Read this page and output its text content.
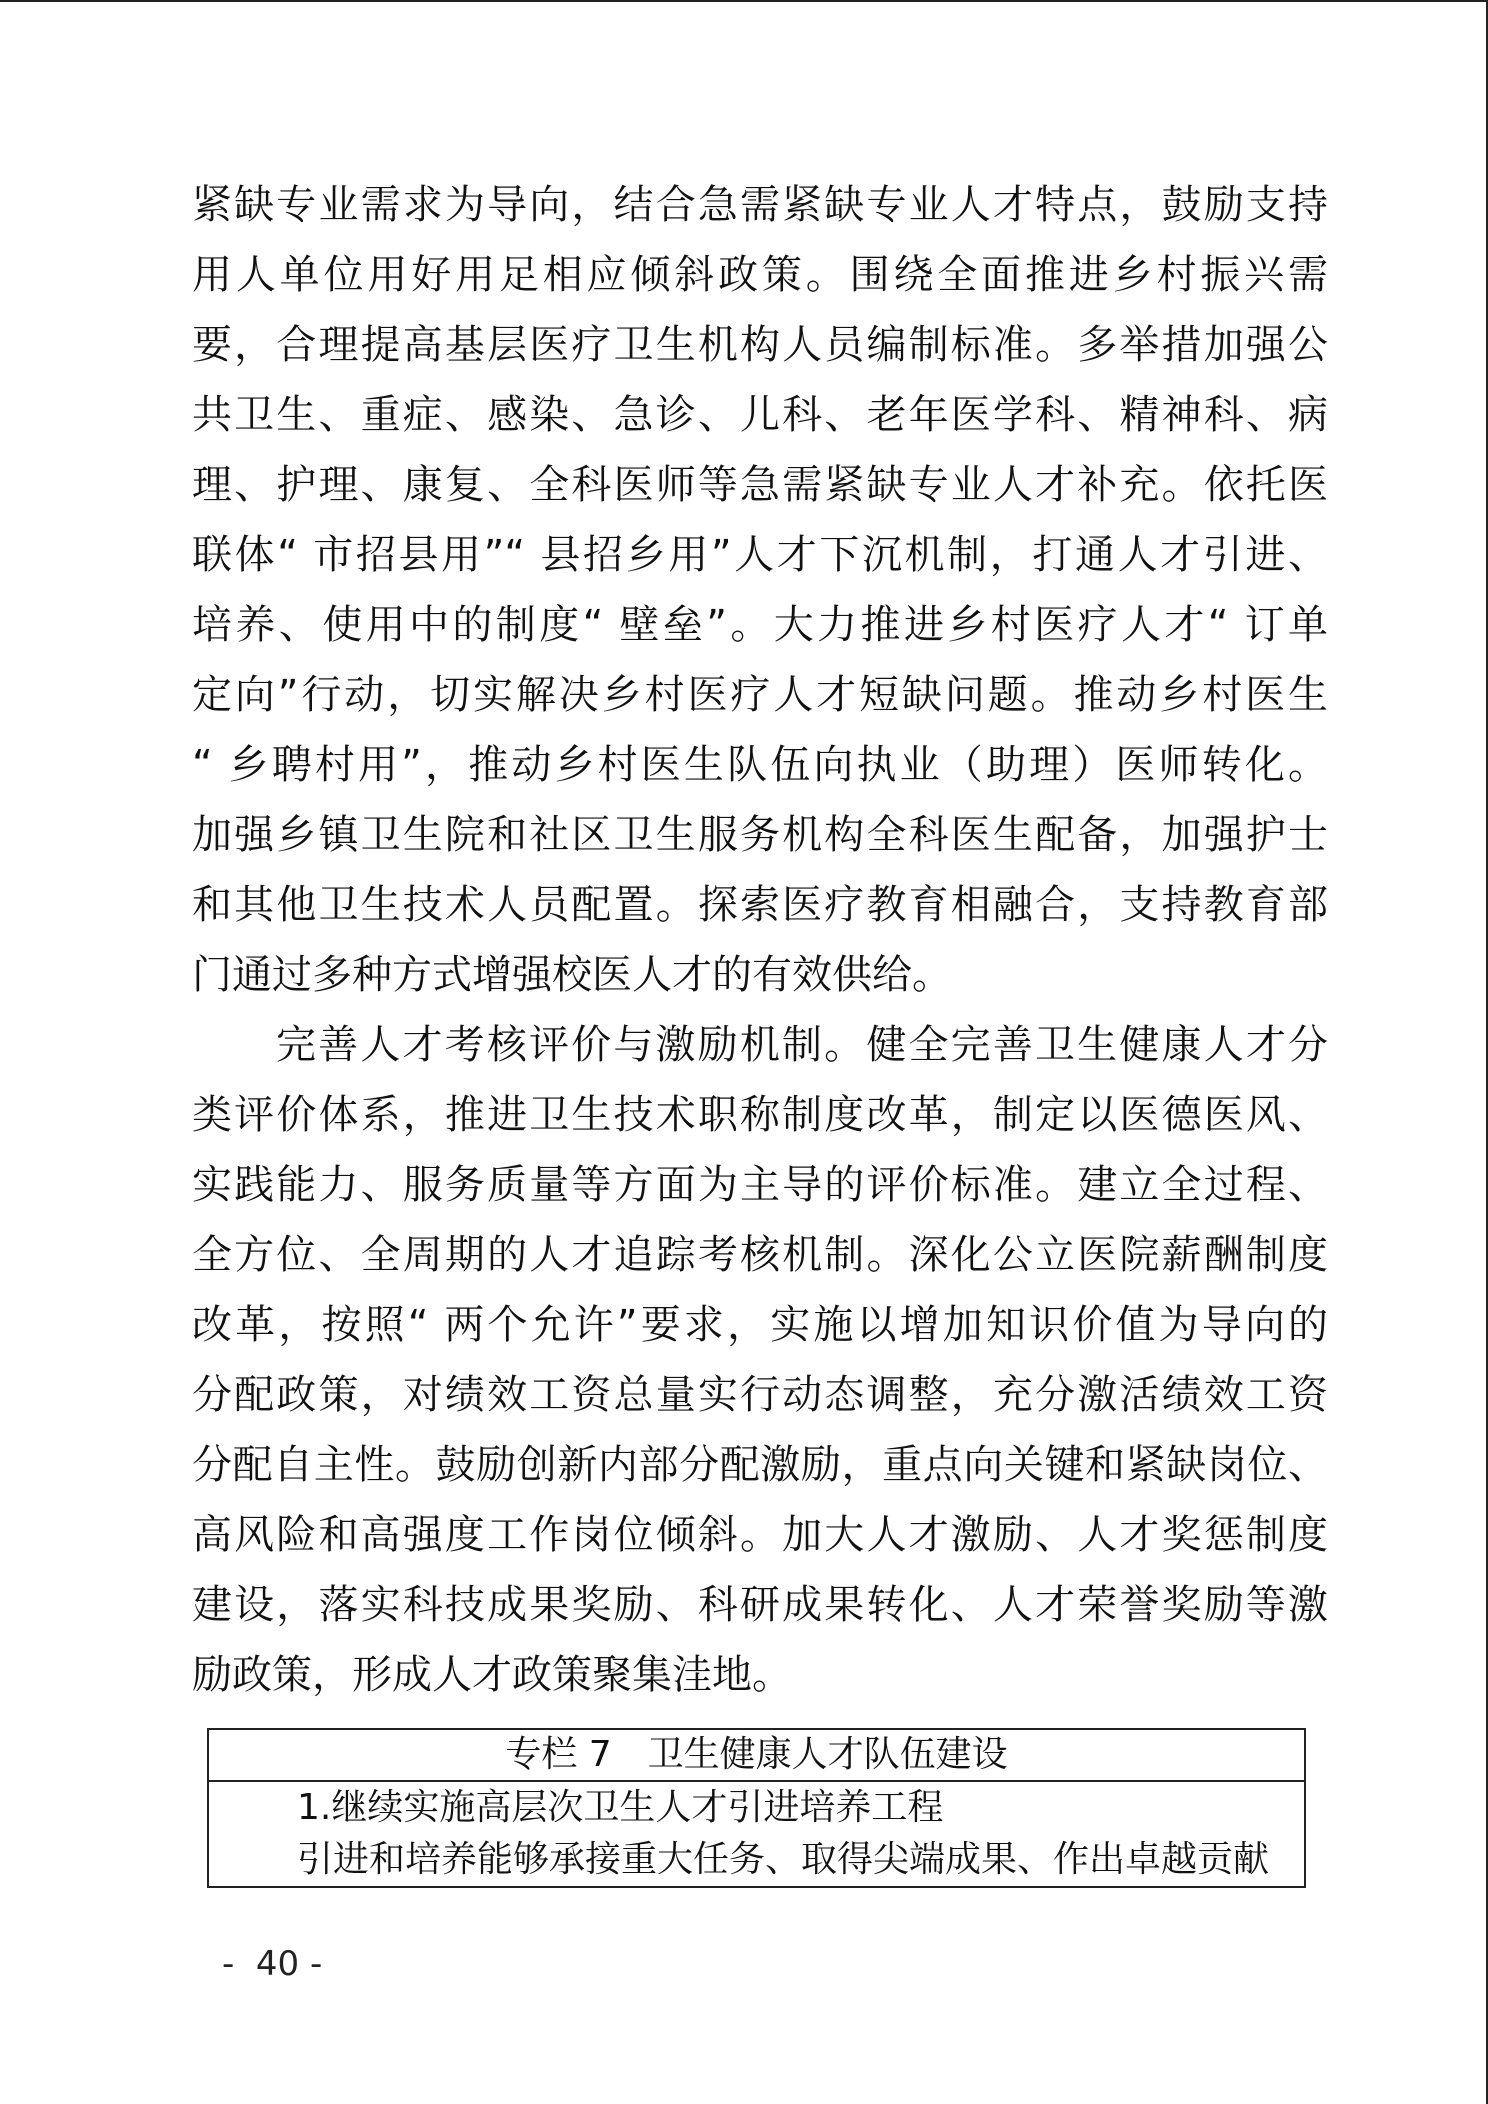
紧缺专业需求为导向，结合急需紧缺专业人才特点，鼓励支持
用人单位用好用足相应倾斜政策。围绕全面推进乡村振兴需
要，合理提高基层医疗卫生机构人员编制标准。多举措加强公
共卫生、重症、感染、急诊、儿科、老年医学科、精神科、病
理、护理、康复、全科医师等急需紧缺专业人才补充。依托医
联体“ 市招县用”“ 县招乡用”人才下沉机制，打通人才引进、
培养、使用中的制度“ 壁垒”。大力推进乡村医疗人才“ 订单
定向”行动，切实解决乡村医疗人才短缺问题。推动乡村医生
“ 乡聘村用”，推动乡村医生队伍向执业（助理）医师转化。
加强乡镇卫生院和社区卫生服务机构全科医生配备，加强护士
和其他卫生技术人员配置。探索医疗教育相融合，支持教育部
门通过多种方式增强校医人才的有效供给。
完善人才考核评价与激励机制。健全完善卫生健康人才分
类评价体系，推进卫生技术职称制度改革，制定以医德医风、
实践能力、服务质量等方面为主导的评价标准。建立全过程、
全方位、全周期的人才追踪考核机制。深化公立医院薪酬制度
改革，按照“ 两个允许”要求，实施以增加知识价值为导向的
分配政策，对绩效工资总量实行动态调整，充分激活绩效工资
分配自主性。鼓励创新内部分配激励，重点向关键和紧缺岗位、
高风险和高强度工作岗位倾斜。加大人才激励、人才奖惩制度
建设，落实科技成果奖励、科研成果转化、人才荣誉奖励等激
励政策，形成人才政策聚集洼地。
专栏 7　卫生健康人才队伍建设
1.继续实施高层次卫生人才引进培养工程
引进和培养能够承接重大任务、取得尖端成果、作出卓越贡献
-  40 -
